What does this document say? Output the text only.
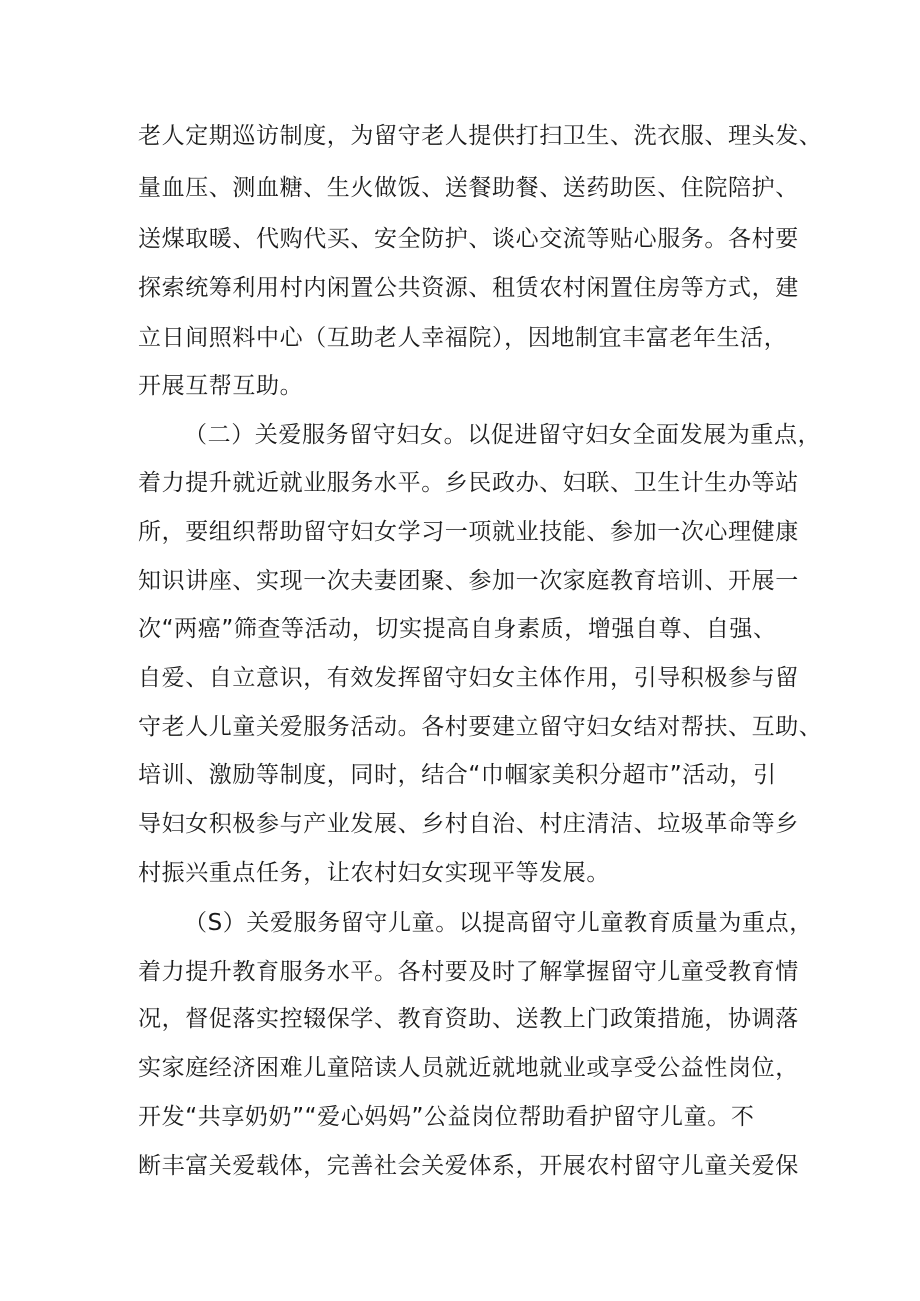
老人定期巡访制度，为留守老人提供打扫卫生、洗衣服、理头发、
量血压、测血糖、生火做饭、送餐助餐、送药助医、住院陪护、
送煤取暖、代购代买、安全防护、谈心交流等贴心服务。各村要
探索统筹利用村内闲置公共资源、租赁农村闲置住房等方式，建
立日间照料中心（互助老人幸福院），因地制宜丰富老年生活，
开展互帮互助。
（二）关爱服务留守妇女。以促进留守妇女全面发展为重点，
着力提升就近就业服务水平。乡民政办、妇联、卫生计生办等站
所，要组织帮助留守妇女学习一项就业技能、参加一次心理健康
知识讲座、实现一次夫妻团聚、参加一次家庭教育培训、开展一
次“两癌”筛查等活动，切实提高自身素质，增强自尊、自强、
自爱、自立意识，有效发挥留守妇女主体作用，引导积极参与留
守老人儿童关爱服务活动。各村要建立留守妇女结对帮扶、互助、
培训、激励等制度，同时，结合“巾帼家美积分超市”活动，引
导妇女积极参与产业发展、乡村自治、村庄清洁、垃圾革命等乡
村振兴重点任务，让农村妇女实现平等发展。
（S）关爱服务留守儿童。以提高留守儿童教育质量为重点，
着力提升教育服务水平。各村要及时了解掌握留守儿童受教育情
况，督促落实控辍保学、教育资助、送教上门政策措施，协调落
实家庭经济困难儿童陪读人员就近就地就业或享受公益性岗位，
开发“共享奶奶”“爱心妈妈”公益岗位帮助看护留守儿童。不
断丰富关爱载体，完善社会关爱体系，开展农村留守儿童关爱保
